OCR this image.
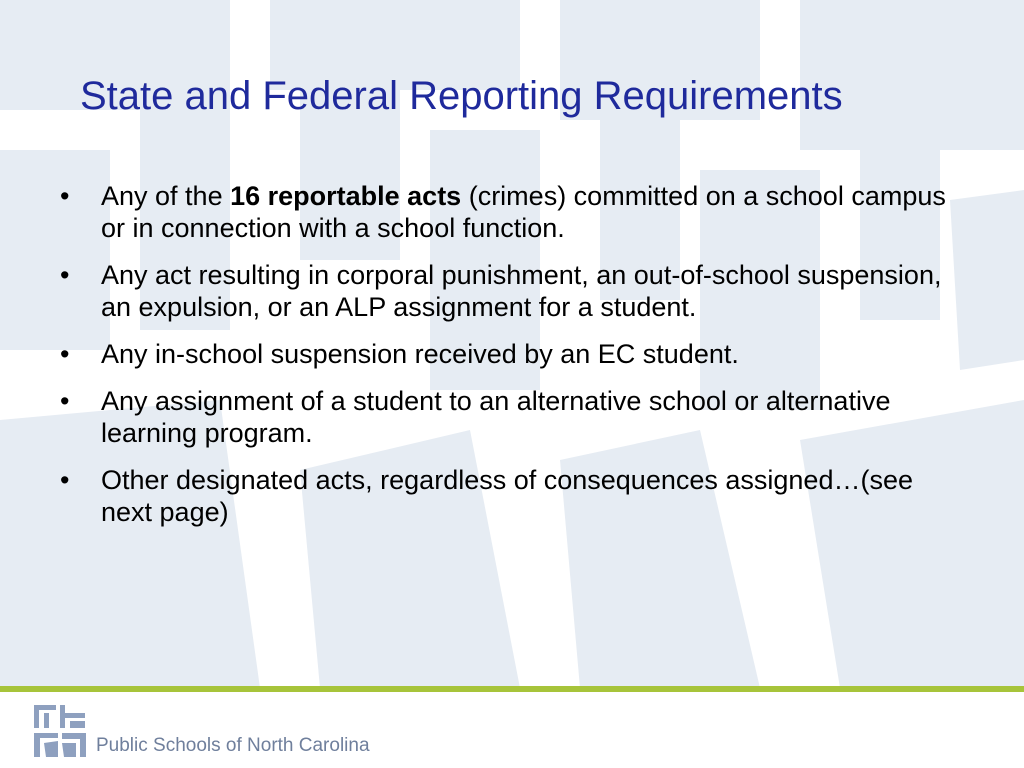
State and Federal Reporting Requirements
• Any of the 16 reportable acts (crimes) committed on a school campus or in connection with a school function.
• Any act resulting in corporal punishment, an out-of-school suspension, an expulsion, or an ALP assignment for a student.
• Any in-school suspension received by an EC student.
• Any assignment of a student to an alternative school or alternative learning program.
• Other designated acts, regardless of consequences assigned…(see next page)
Public Schools of North Carolina
